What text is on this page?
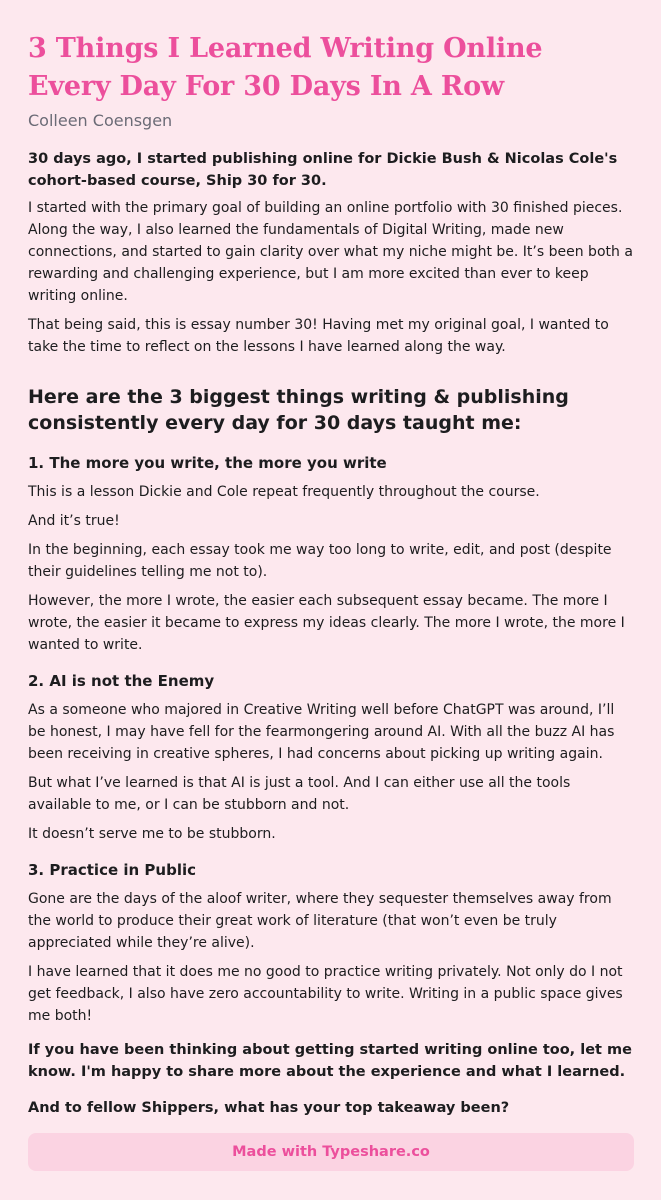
3 Things I Learned Writing Online Every Day For 30 Days In A Row
Colleen Coensgen

30 days ago, I started publishing online for Dickie Bush & Nicolas Cole's cohort-based course, Ship 30 for 30.

I started with the primary goal of building an online portfolio with 30 finished pieces. Along the way, I also learned the fundamentals of Digital Writing, made new connections, and started to gain clarity over what my niche might be. It’s been both a rewarding and challenging experience, but I am more excited than ever to keep writing online.

That being said, this is essay number 30! Having met my original goal, I wanted to take the time to reflect on the lessons I have learned along the way.

Here are the 3 biggest things writing & publishing consistently every day for 30 days taught me:
1. The more you write, the more you write

This is a lesson Dickie and Cole repeat frequently throughout the course.

And it’s true!

In the beginning, each essay took me way too long to write, edit, and post (despite their guidelines telling me not to).

However, the more I wrote, the easier each subsequent essay became. The more I wrote, the easier it became to express my ideas clearly. The more I wrote, the more I wanted to write.

2. AI is not the Enemy

As a someone who majored in Creative Writing well before ChatGPT was around, I’ll be honest, I may have fell for the fearmongering around AI. With all the buzz AI has been receiving in creative spheres, I had concerns about picking up writing again.

But what I’ve learned is that AI is just a tool. And I can either use all the tools available to me, or I can be stubborn and not.

It doesn’t serve me to be stubborn.

3. Practice in Public

Gone are the days of the aloof writer, where they sequester themselves away from the world to produce their great work of literature (that won’t even be truly appreciated while they’re alive).

I have learned that it does me no good to practice writing privately. Not only do I not get feedback, I also have zero accountability to write. Writing in a public space gives me both!

If you have been thinking about getting started writing online too, let me know. I'm happy to share more about the experience and what I learned.

And to fellow Shippers, what has your top takeaway been?

Made with Typeshare.co
